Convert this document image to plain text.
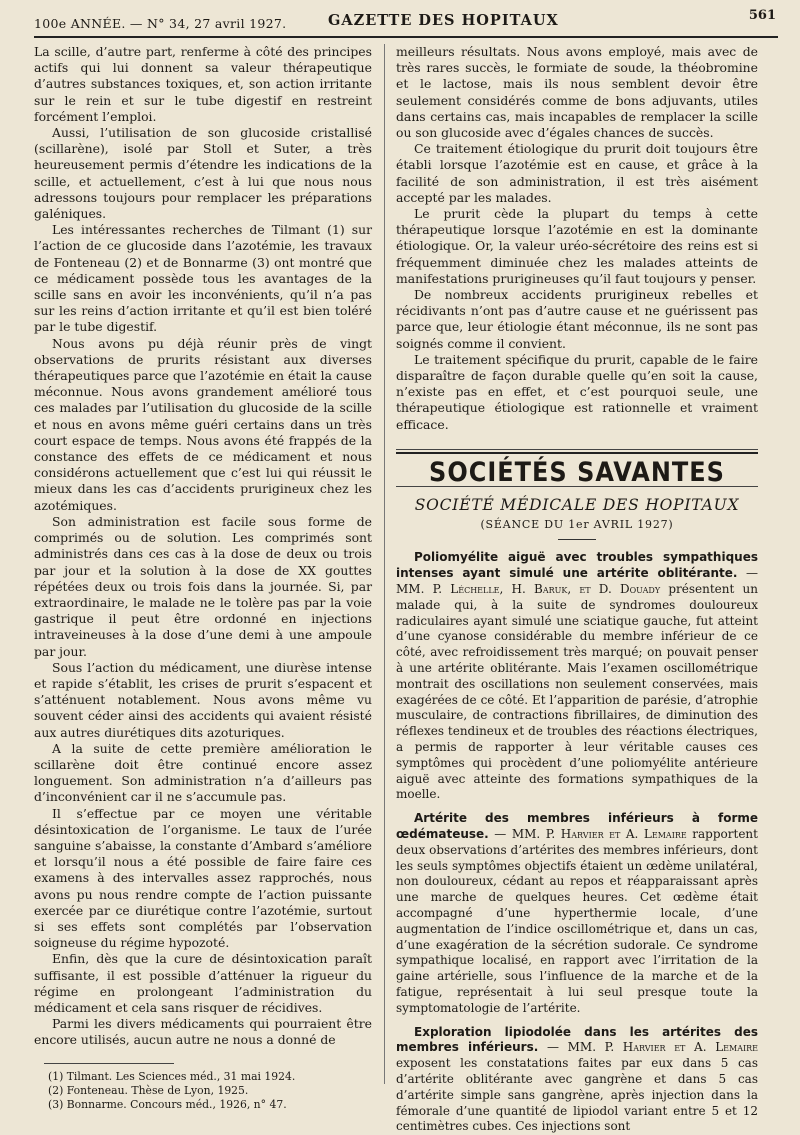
100e ANNÉE. — N° 34, 27 avril 1927.	GAZETTE DES HOPITAUX	561

La scille, d’autre part, renferme à côté des principes actifs qui lui donnent sa valeur thérapeutique d’autres substances toxiques, et, son action irritante sur le rein et sur le tube digestif en restreint forcément l’emploi.

Aussi, l’utilisation de son glucoside cristallisé (scillarène), isolé par Stoll et Suter, a très heureusement permis d’étendre les indications de la scille, et actuellement, c’est à lui que nous nous adressons toujours pour remplacer les préparations galéniques.

Les intéressantes recherches de Tilmant (1) sur l’action de ce glucoside dans l’azotémie, les travaux de Fonteneau (2) et de Bonnarme (3) ont montré que ce médicament possède tous les avantages de la scille sans en avoir les inconvénients, qu’il n’a pas sur les reins d’action irritante et qu’il est bien toléré par le tube digestif.

Nous avons pu déjà réunir près de vingt observations de prurits résistant aux diverses thérapeutiques parce que l’azotémie en était la cause méconnue. Nous avons grandement amélioré tous ces malades par l’utilisation du glucoside de la scille et nous en avons même guéri certains dans un très court espace de temps. Nous avons été frappés de la constance des effets de ce médicament et nous considérons actuellement que c’est lui qui réussit le mieux dans les cas d’accidents prurigineux chez les azotémiques.

Son administration est facile sous forme de comprimés ou de solution. Les comprimés sont administrés dans ces cas à la dose de deux ou trois par jour et la solution à la dose de XX gouttes répétées deux ou trois fois dans la journée. Si, par extraordinaire, le malade ne le tolère pas par la voie gastrique il peut être ordonné en injections intraveineuses à la dose d’une demi à une ampoule par jour.

Sous l’action du médicament, une diurèse intense et rapide s’établit, les crises de prurit s’espacent et s’atténuent notablement. Nous avons même vu souvent céder ainsi des accidents qui avaient résisté aux autres diurétiques dits azoturiques.

A la suite de cette première amélioration le scillarène doit être continué encore assez longuement. Son administration n’a d’ailleurs pas d’inconvénient car il ne s’accumule pas.

Il s’effectue par ce moyen une véritable désintoxication de l’organisme. Le taux de l’urée sanguine s’abaisse, la constante d’Ambard s’améliore et lorsqu’il nous a été possible de faire faire ces examens à des intervalles assez rapprochés, nous avons pu nous rendre compte de l’action puissante exercée par ce diurétique contre l’azotémie, surtout si ses effets sont complétés par l’observation soigneuse du régime hypozoté.

Enfin, dès que la cure de désintoxication paraît suffisante, il est possible d’atténuer la rigueur du régime en prolongeant l’administration du médicament et cela sans risquer de récidives.

Parmi les divers médicaments qui pourraient être encore utilisés, aucun autre ne nous a donné de

(1) Tilmant. Les Sciences méd., 31 mai 1924.
(2) Fonteneau. Thèse de Lyon, 1925.
(3) Bonnarme. Concours méd., 1926, n° 47.

meilleurs résultats. Nous avons employé, mais avec de très rares succès, le formiate de soude, la théobromine et le lactose, mais ils nous semblent devoir être seulement considérés comme de bons adjuvants, utiles dans certains cas, mais incapables de remplacer la scille ou son glucoside avec d’égales chances de succès.

Ce traitement étiologique du prurit doit toujours être établi lorsque l’azotémie est en cause, et grâce à la facilité de son administration, il est très aisément accepté par les malades.

Le prurit cède la plupart du temps à cette thérapeutique lorsque l’azotémie en est la dominante étiologique. Or, la valeur uréo-sécrétoire des reins est si fréquemment diminuée chez les malades atteints de manifestations prurigineuses qu’il faut toujours y penser.

De nombreux accidents prurigineux rebelles et récidivants n’ont pas d’autre cause et ne guérissent pas parce que, leur étiologie étant méconnue, ils ne sont pas soignés comme il convient.

Le traitement spécifique du prurit, capable de le faire disparaître de façon durable quelle qu’en soit la cause, n’existe pas en effet, et c’est pourquoi seule, une thérapeutique étiologique est rationnelle et vraiment efficace.

SOCIÉTÉS SAVANTES
SOCIÉTÉ MÉDICALE DES HOPITAUX
(SÉANCE DU 1er AVRIL 1927)

Poliomyélite aiguë avec troubles sympathiques intenses ayant simulé une artérite oblitérante. — MM. P. Léchelle, H. Baruk, et D. Douady présentent un malade qui, à la suite de syndromes douloureux radiculaires ayant simulé une sciatique gauche, fut atteint d’une cyanose considérable du membre inférieur de ce côté, avec refroidissement très marqué; on pouvait penser à une artérite oblitérante. Mais l’examen oscillométrique montrait des oscillations non seulement conservées, mais exagérées de ce côté. Et l’apparition de parésie, d’atrophie musculaire, de contractions fibrillaires, de diminution des réflexes tendineux et de troubles des réactions électriques, a permis de rapporter à leur véritable causes ces symptômes qui procèdent d’une poliomyélite antérieure aiguë avec atteinte des formations sympathiques de la moelle.

Artérite des membres inférieurs à forme œdémateuse. — MM. P. Harvier et A. Lemaire rapportent deux observations d’artérites des membres inférieurs, dont les seuls symptômes objectifs étaient un œdème unilatéral, non douloureux, cédant au repos et réapparaissant après une marche de quelques heures. Cet œdème était accompagné d’une hyperthermie locale, d’une augmentation de l’indice oscillométrique et, dans un cas, d’une exagération de la sécrétion sudorale. Ce syndrome sympathique localisé, en rapport avec l’irritation de la gaine artérielle, sous l’influence de la marche et de la fatigue, représentait à lui seul presque toute la symptomatologie de l’artérite.

Exploration lipiodolée dans les artérites des membres inférieurs. — MM. P. Harvier et A. Lemaire exposent les constatations faites par eux dans 5 cas d’artérite oblitérante avec gangrène et dans 5 cas d’artérite simple sans gangrène, après injection dans la fémorale d’une quantité de lipiodol variant entre 5 et 12 centimètres cubes. Ces injections sont
